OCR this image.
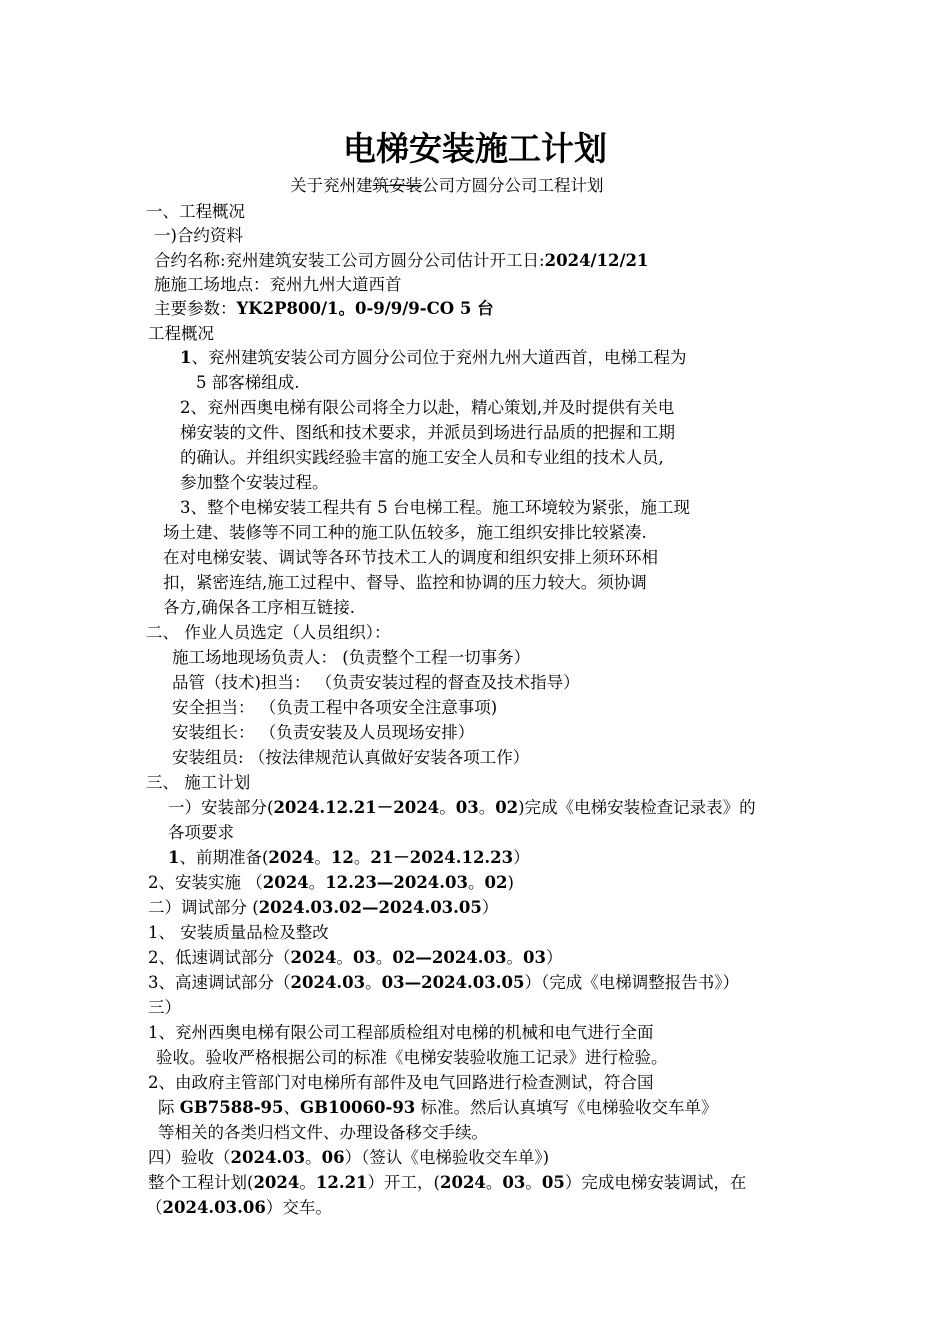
电梯安装施工计划
关于兖州建筑安装公司方圆分公司工程计划
一、工程概况
一)合约资料
合约名称:兖州建筑安装工公司方圆分公司估计开工日:2024/12/21
施施工场地点：兖州九州大道西首
主要参数：YK2P800/1。0-9/9/9-CO 5 台
工程概况
1、兖州建筑安装公司方圆分公司位于兖州九州大道西首，电梯工程为
5 部客梯组成.
2、兖州西奥电梯有限公司将全力以赴，精心策划,并及时提供有关电
梯安装的文件、图纸和技术要求，并派员到场进行品质的把握和工期
的确认。并组织实践经验丰富的施工安全人员和专业组的技术人员,
参加整个安装过程。
3、整个电梯安装工程共有 5 台电梯工程。施工环境较为紧张，施工现
场土建、装修等不同工种的施工队伍较多，施工组织安排比较紧凑.
在对电梯安装、调试等各环节技术工人的调度和组织安排上须环环相
扣，紧密连结,施工过程中、督导、监控和协调的压力较大。须协调
各方,确保各工序相互链接.
二、 作业人员选定（人员组织）：
施工场地现场负责人： (负责整个工程一切事务）
品管（技术)担当： （负责安装过程的督查及技术指导）
安全担当： （负责工程中各项安全注意事项)
安装组长： （负责安装及人员现场安排）
安装组员: （按法律规范认真做好安装各项工作）
三、 施工计划
一）安装部分(2024.12.21－2024。03。02)完成《电梯安装检查记录表》的
各项要求
1、前期准备(2024。12。21－2024.12.23）
2、安装实施 （2024。12.23—2024.03。02)
二）调试部分 (2024.03.02—2024.03.05）
1、 安装质量品检及整改
2、低速调试部分（2024。03。02—2024.03。03）
3、高速调试部分（2024.03。03—2024.03.05）（完成《电梯调整报告书》）
三）
1、兖州西奥电梯有限公司工程部质检组对电梯的机械和电气进行全面
验收。验收严格根据公司的标准《电梯安装验收施工记录》进行检验。
2、由政府主管部门对电梯所有部件及电气回路进行检查测试，符合国
际 GB7588-95、GB10060-93 标准。然后认真填写《电梯验收交车单》
等相关的各类归档文件、办理设备移交手续。
四）验收（2024.03。06）（签认《电梯验收交车单》)
整个工程计划(2024。12.21）开工，(2024。03。05）完成电梯安装调试，在
（2024.03.06）交车。
